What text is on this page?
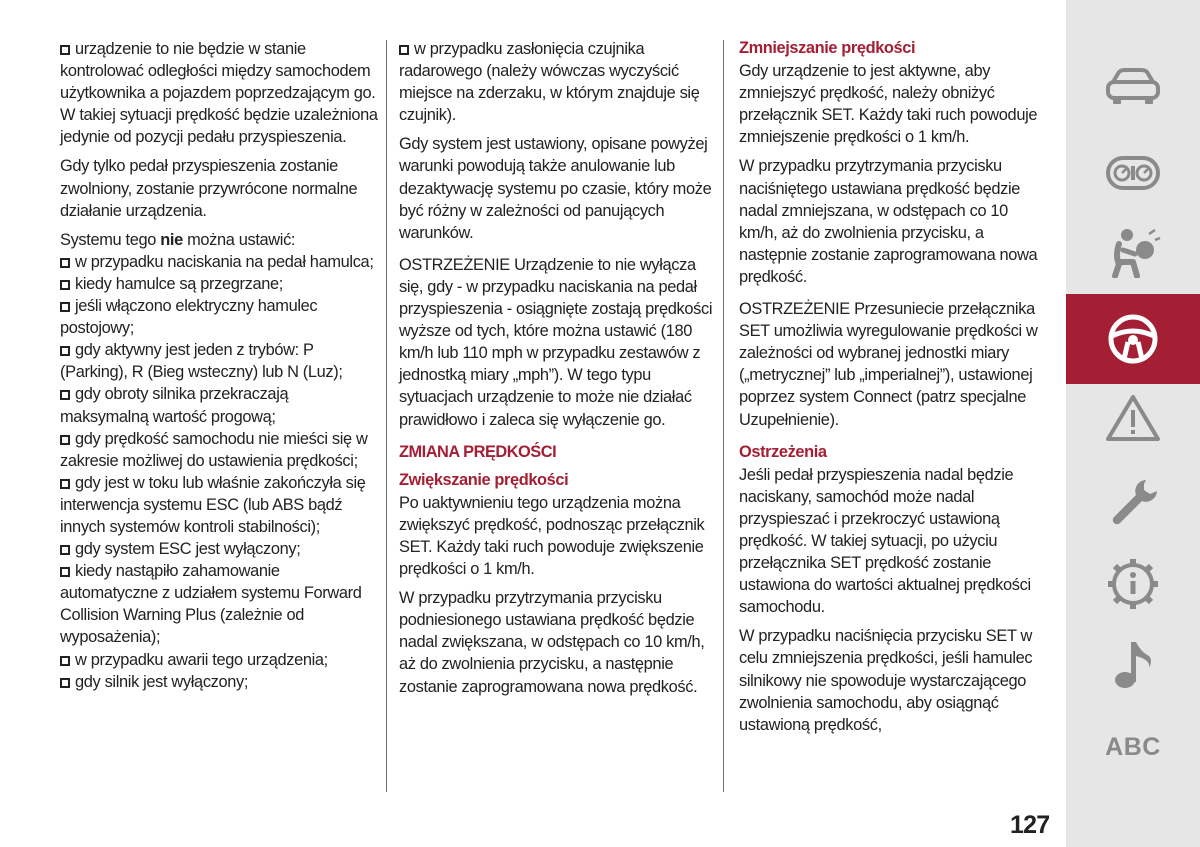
urządzenie to nie będzie w stanie kontrolować odległości między samochodem użytkownika a pojazdem poprzedzającym go. W takiej sytuacji prędkość będzie uzależniona jedynie od pozycji pedału przyspieszenia.

Gdy tylko pedał przyspieszenia zostanie zwolniony, zostanie przywrócone normalne działanie urządzenia.

Systemu tego nie można ustawić:
w przypadku naciskania na pedał hamulca;
kiedy hamulce są przegrzane;
jeśli włączono elektryczny hamulec postojowy;
gdy aktywny jest jeden z trybów: P (Parking), R (Bieg wsteczny) lub N (Luz);
gdy obroty silnika przekraczają maksymalną wartość progową;
gdy prędkość samochodu nie mieści się w zakresie możliwej do ustawienia prędkości;
gdy jest w toku lub właśnie zakończyła się interwencja systemu ESC (lub ABS bądź innych systemów kontroli stabilności);
gdy system ESC jest wyłączony;
kiedy nastąpiło zahamowanie automatyczne z udziałem systemu Forward Collision Warning Plus (zależnie od wyposażenia);
w przypadku awarii tego urządzenia;
gdy silnik jest wyłączony;

w przypadku zasłonięcia czujnika radarowego (należy wówczas wyczyścić miejsce na zderzaku, w którym znajduje się czujnik).

Gdy system jest ustawiony, opisane powyżej warunki powodują także anulowanie lub dezaktywację systemu po czasie, który może być różny w zależności od panujących warunków.

OSTRZEŻENIE Urządzenie to nie wyłącza się, gdy - w przypadku naciskania na pedał przyspieszenia - osiągnięte zostają prędkości wyższe od tych, które można ustawić (180 km/h lub 110 mph w przypadku zestawów z jednostką miary „mph”). W tego typu sytuacjach urządzenie to może nie działać prawidłowo i zaleca się wyłączenie go.

ZMIANA PRĘDKOŚCI
Zwiększanie prędkości

Po uaktywnieniu tego urządzenia można zwiększyć prędkość, podnosząc przełącznik SET. Każdy taki ruch powoduje zwiększenie prędkości o 1 km/h.

W przypadku przytrzymania przycisku podniesionego ustawiana prędkość będzie nadal zwiększana, w odstępach co 10 km/h, aż do zwolnienia przycisku, a następnie zostanie zaprogramowana nowa prędkość.

Zmniejszanie prędkości

Gdy urządzenie to jest aktywne, aby zmniejszyć prędkość, należy obniżyć przełącznik SET. Każdy taki ruch powoduje zmniejszenie prędkości o 1 km/h.

W przypadku przytrzymania przycisku naciśniętego ustawiana prędkość będzie nadal zmniejszana, w odstępach co 10 km/h, aż do zwolnienia przycisku, a następnie zostanie zaprogramowana nowa prędkość.

OSTRZEŻENIE Przesuniecie przełącznika SET umożliwia wyregulowanie prędkości w zależności od wybranej jednostki miary („metrycznej” lub „imperialnej”), ustawionej poprzez system Connect (patrz specjalne Uzupełnienie).

Ostrzeżenia

Jeśli pedał przyspieszenia nadal będzie naciskany, samochód może nadal przyspieszać i przekroczyć ustawioną prędkość. W takiej sytuacji, po użyciu przełącznika SET prędkość zostanie ustawiona do wartości aktualnej prędkości samochodu.

W przypadku naciśnięcia przycisku SET w celu zmniejszenia prędkości, jeśli hamulec silnikowy nie spowoduje wystarczającego zwolnienia samochodu, aby osiągnąć ustawioną prędkość,

ABC
127
